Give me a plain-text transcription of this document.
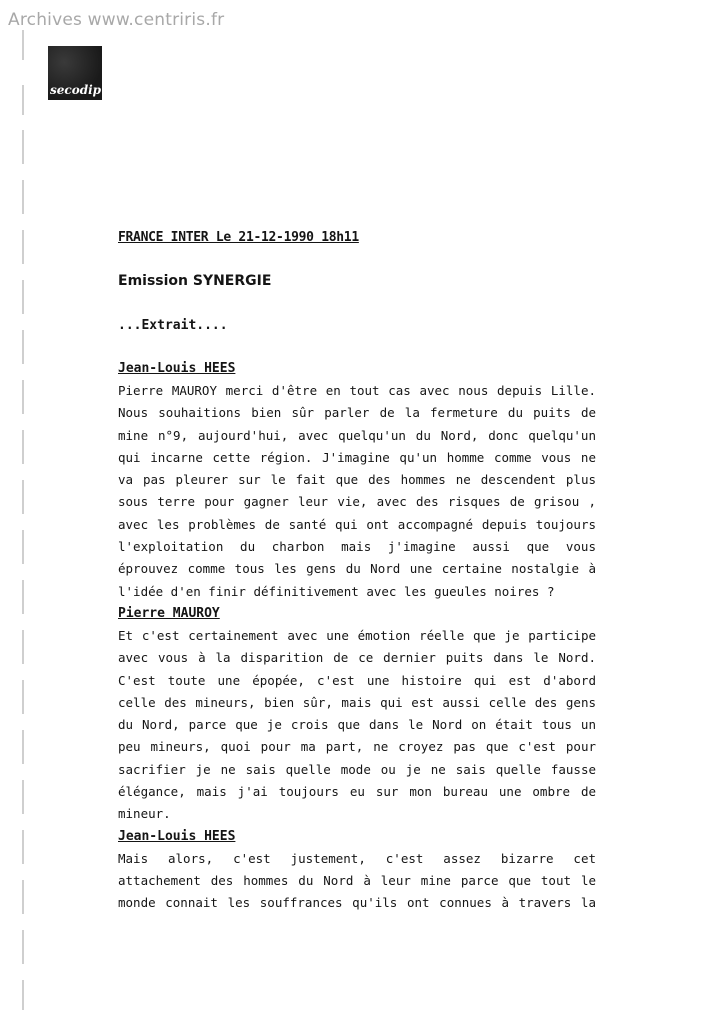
Archives www.centriris.fr
secodip
FRANCE INTER Le 21-12-1990 18h11
Emission SYNERGIE
...Extrait....
Jean-Louis HEES
Pierre MAUROY merci d'être en tout cas avec nous depuis Lille.
Nous souhaitions bien sûr parler de la fermeture du puits de
mine n°9, aujourd'hui, avec quelqu'un du Nord, donc quelqu'un
qui incarne cette région. J'imagine qu'un homme comme vous ne
va pas pleurer sur le fait que des hommes ne descendent plus
sous terre pour gagner leur vie, avec des risques de grisou ,
avec les problèmes de santé qui ont accompagné depuis toujours
l'exploitation du charbon mais j'imagine aussi que vous
éprouvez comme tous les gens du Nord une certaine nostalgie à
l'idée d'en finir définitivement avec les gueules noires ?
Pierre MAUROY
Et c'est certainement avec une émotion réelle que je participe
avec vous à la disparition de ce dernier puits dans le Nord.
C'est toute une épopée, c'est une histoire qui est d'abord
celle des mineurs, bien sûr, mais qui est aussi celle des gens
du Nord, parce que je crois que dans le Nord on était tous un
peu mineurs, quoi pour ma part, ne croyez pas que c'est pour
sacrifier je ne sais quelle mode ou je ne sais quelle fausse
élégance, mais j'ai toujours eu sur mon bureau une ombre de
mineur.
Jean-Louis HEES
Mais alors, c'est justement, c'est assez bizarre cet
attachement des hommes du Nord à leur mine parce que tout le
monde connait les souffrances qu'ils ont connues à travers la
